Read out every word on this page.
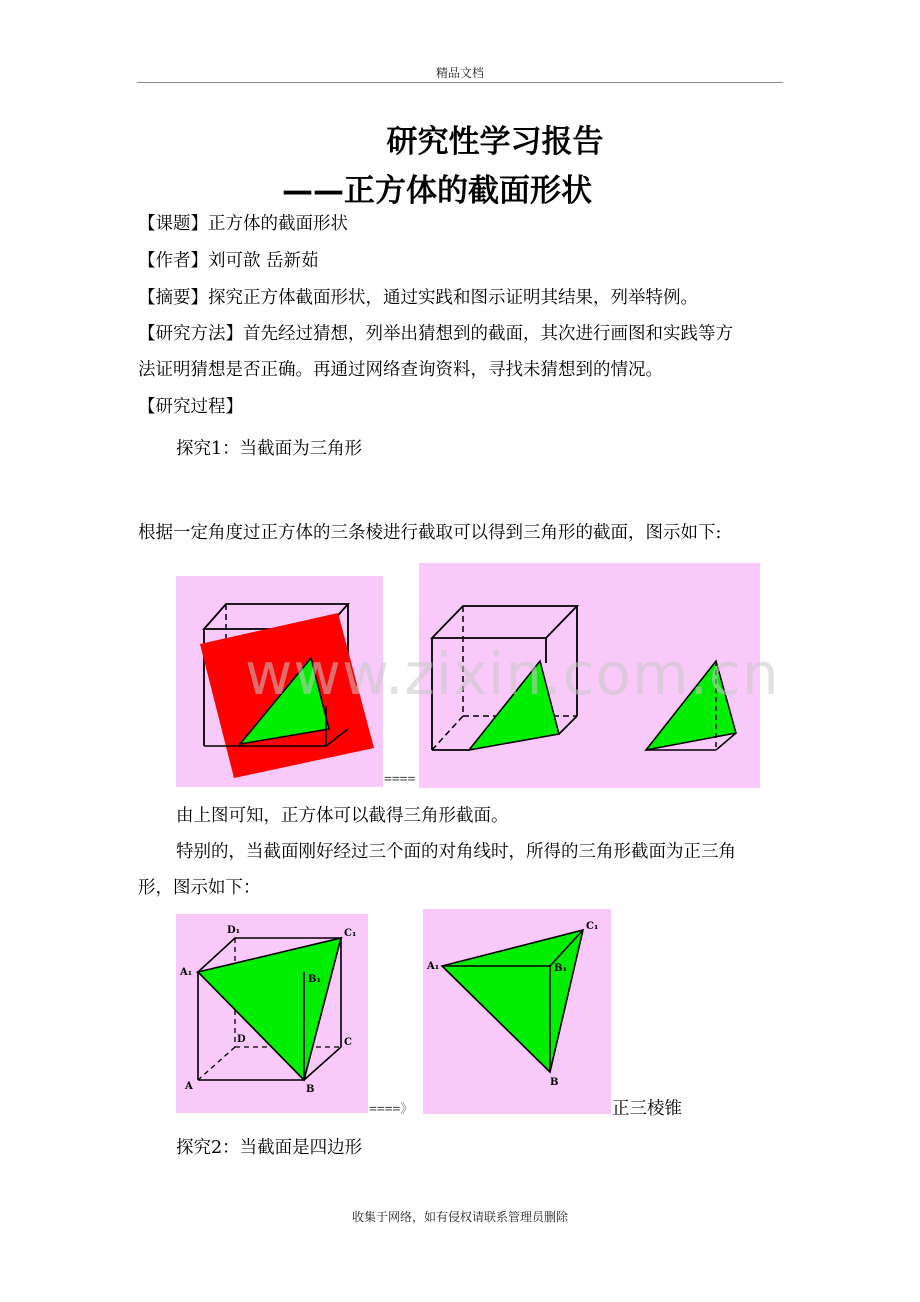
精品文档
研究性学习报告
——正方体的截面形状
【课题】正方体的截面形状
【作者】刘可歆 岳新茹
【摘要】探究正方体截面形状，通过实践和图示证明其结果，列举特例。
【研究方法】首先经过猜想，列举出猜想到的截面，其次进行画图和实践等方
法证明猜想是否正确。再通过网络查询资料，寻找未猜想到的情况。
【研究过程】
探究1：当截面为三角形
根据一定角度过正方体的三条棱进行截取可以得到三角形的截面，图示如下:
====
www.zixin.com.cn
由上图可知，正方体可以截得三角形截面。
特别的，当截面刚好经过三个面的对角线时，所得的三角形截面为正三角
形，图示如下：
A₁
D₁	C₁
B₁
D	C
A	B
====》
A₁
C₁
B₁
B
正三棱锥
探究2：当截面是四边形
收集于网络，如有侵权请联系管理员删除
